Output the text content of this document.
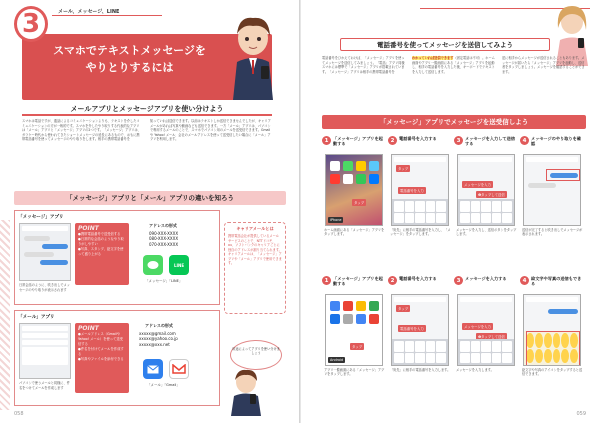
3	メール、メッセージ、LINE
スマホでテキストメッセージを
やりとりするには
メールアプリとメッセージアプリを使い分けよう
スマホは電話ですが、通話によるコミュニケーションよりも、テキストを介したコミュニケーションの方が一般的です。スマホを介したやり取りする代表的なアプリは「メール」アプリと「メッセージ」アプリの2つです。「メッセージ」アプリは、ガラケー時代から使われてきたショートメッセージの延長にあるもので、おもに携帯電話番号を使ってメッセージのやり取りをします。相手の携帯電話番号を
知っていれば送信できます。以前はテキストしか送信できませんでしたが、キャリアメールがあれば写真や動画なども送信できます。一方「メール」アプリは、パソコンで利用するメールのことで、スマホでパソコン用のメールを送受信できます。Gmailや Yahoo! メール、会社のメールアドレスを使って送受信したい場合に「メール」アプリを利用します。
「メッセージ」アプリと「メール」アプリの違いを知ろう
「メッセージ」アプリ
日常会話のように、吹き出しでメッセージのやり取りが表示されます
POINT
●携帯電話番号で送受信する
●日常的な会話のようなやり取りがしやすい
●写真、スタンプ、絵文字を使って盛り上がる
アドレスの形式
090-XXX-XXXX
080-XXX-XXXX
070-XXX-XXXX
LINE
「メッセージ」「LINE」
「メール」アプリ
パソコンで使うメールと同様に、件名をつけてメールを作成します
POINT
●メールアドレス（Gmailや Yahoo! メール）を使って送受信する
●件名を付けてメールを作成する
●写真やファイルを添付できる
アドレスの形式
xxxxx@gmail.com
xxxxx@yahoo.co.jp
xxxxx@xxx.net
「メール」「Gmail」
キャリアメールとは
携帯電話会社が提供しているメールサービスのことで、NTTドコモ、au、ソフトバンクのキャリアごとに独自のアドレスが割り当てられます。キャリアメールは、「メッセージ」アプリや「メール」アプリで使用できます。
用途によってアプリを使い分けましょう
058
電話番号を使ってメッセージを送信してみよう
電話番号をひかえておけば、「メッセージ」アプリを使ってメッセージを送信してみましょう。「電話」アプリ同様スマホには標準で「メッセージ」アプリが搭載されています。「メッセージ」アプリは相手の携帯電話番号を
わかっていれば送信できます（固定電話は不可）。ホーム画面やアプリ一覧画面にある「メッセージ」アプリを起動し、相手の電話番号を入力した後、キーボードでテキストを入力して送信します。
逆に相手からメッセージが送信されることもあります。メッセージが届いたら「メッセージ」アプリを起動し、送信者をタップしましょう。メッセージを確認することができます。
「メッセージ」アプリでメッセージを送受信しよう
1	「メッセージ」アプリを起動する
タップ
iPhone
ホーム画面にある「メッセージ」アプリをタップします。
2	電話番号を入力する
タップ
電話番号を入力
「宛先」に相手の電話番号を入力し、「メッセージ」をタップします。
3	メッセージを入力して送信する
メッセージを入力
❷タップして送信
メッセージを入力し、送信ボタンをタップします。
4	メッセージのやり取りを確認
送信が完了すると吹き出しでメッセージが表示されます。
1	「メッセージ」アプリを起動する
タップ
Android
アプリ一覧画面にある「メッセージ」アプリをタップします。
2	電話番号を入力する
タップ
電話番号を入力
「宛先」に相手の電話番号を入力します。
3	メッセージを入力する
メッセージを入力
❷タップして送信
メッセージを入力します。
4	絵文字や写真の送信もできる
絵文字や写真のアイコンをタップすると送信できます。
059
